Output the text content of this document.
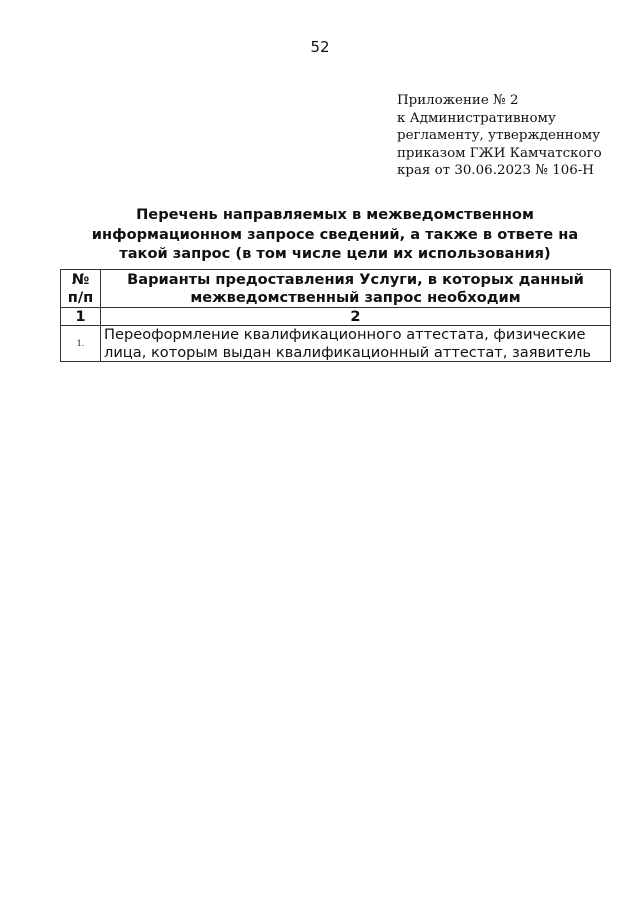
52
Приложение № 2
к Административному
регламенту, утвержденному
приказом ГЖИ Камчатского
края от 30.06.2023 № 106-Н
Перечень направляемых в межведомственном
информационном запросе сведений, а также в ответе на
такой запрос (в том числе цели их использования)
№ п/п	Варианты предоставления Услуги, в которых данный межведомственный запрос необходим
1	2
1.	Переоформление квалификационного аттестата, физические лица, которым выдан квалификационный аттестат, заявитель
